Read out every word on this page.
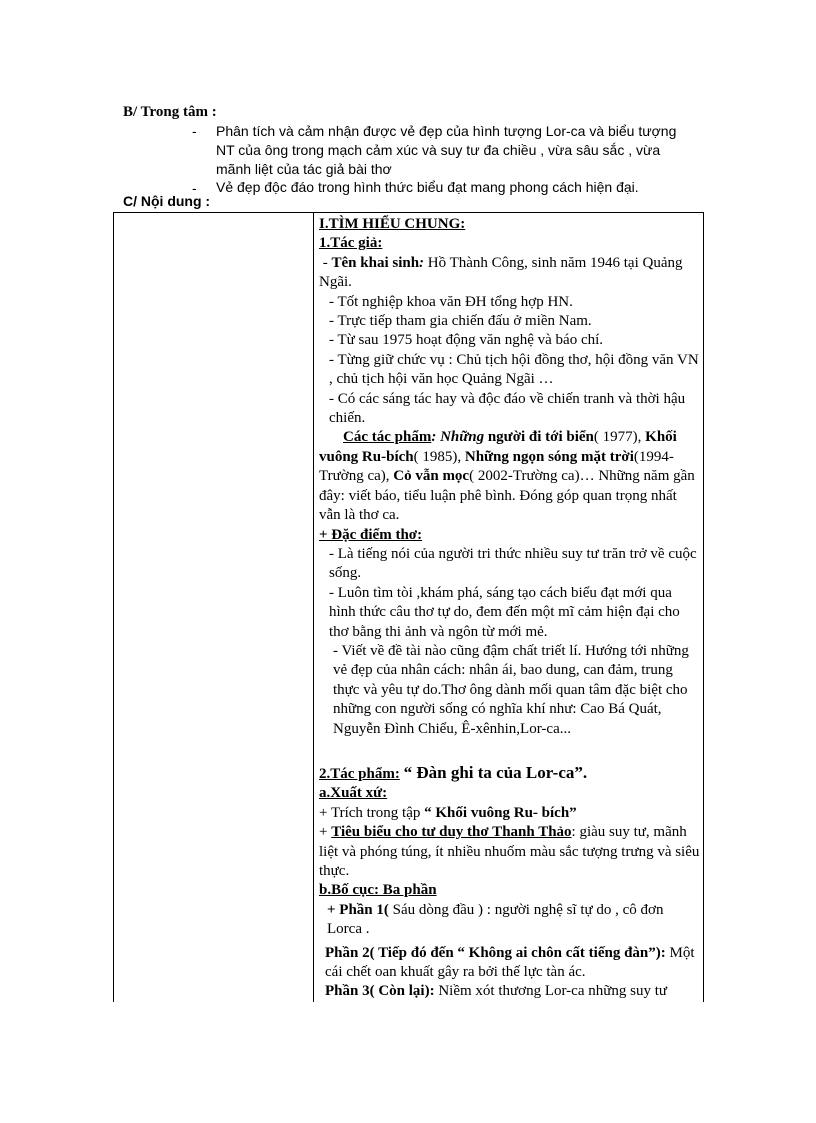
B/ Trong tâm :
- Phân tích và cảm nhận được vẻ đẹp của hình tượng Lor-ca và biểu tượng NT của ông trong mạch cảm xúc và suy tư đa chiều , vừa sâu sắc , vừa mãnh liệt của tác giả bài thơ
- Vẻ đẹp độc đáo trong hình thức biểu đạt mang phong cách hiện đại.
C/ Nội dung :

I.TÌM HIỂU CHUNG:

1.Tác giả:

- Tên khai sinh: Hồ Thành Công, sinh năm 1946 tại Quảng Ngãi.

- Tốt nghiệp khoa văn ĐH tổng hợp HN.

- Trực tiếp tham gia chiến đấu ở miền Nam.

- Từ sau 1975 hoạt động văn nghệ và báo chí.

- Từng giữ chức vụ : Chủ tịch hội đồng thơ, hội đồng văn VN , chủ tịch hội văn học Quảng Ngãi …

- Có các sáng tác hay và độc đáo về chiến tranh và thời hậu chiến.

Các tác phẩm: Những người đi tới biển( 1977), Khối vuông Ru-bích( 1985), Những ngọn sóng mặt trời(1994- Trường ca), Cỏ vẫn mọc( 2002-Trường ca)… Những năm gần đây: viết báo, tiểu luận phê bình. Đóng góp quan trọng nhất vẫn là thơ ca.

+ Đặc điểm thơ:

- Là tiếng nói của người tri thức nhiều suy tư trăn trở về cuộc sống.

- Luôn tìm tòi ,khám phá, sáng tạo cách biểu đạt mới qua hình thức câu thơ tự do, đem đến một mĩ cảm hiện đại cho thơ bằng thi ảnh và ngôn từ mới mẻ.

- Viết về đề tài nào cũng đậm chất triết lí. Hướng tới những vẻ đẹp của nhân cách: nhân ái, bao dung, can đảm, trung thực và yêu tự do.Thơ ông dành mối quan tâm đặc biệt cho những con người sống có nghĩa khí như: Cao Bá Quát, Nguyễn Đình Chiểu, Ê-xênhin,Lor-ca...

2.Tác phẩm: “ Đàn ghi ta của Lor-ca”.

a.Xuất xứ:

+ Trích trong tập “ Khối vuông Ru- bích”

+ Tiêu biểu cho tư duy thơ Thanh Thảo: giàu suy tư, mãnh liệt và phóng túng, ít nhiều nhuốm màu sắc tượng trưng và siêu thực.

b.Bố cục: Ba phần

+ Phần 1( Sáu dòng đầu ) : người nghệ sĩ tự do , cô đơn Lorca .

Phần 2( Tiếp đó đến “ Không ai chôn cất tiếng đàn”): Một cái chết oan khuất gây ra bởi thế lực tàn ác.

Phần 3( Còn lại): Niềm xót thương Lor-ca những suy tư
